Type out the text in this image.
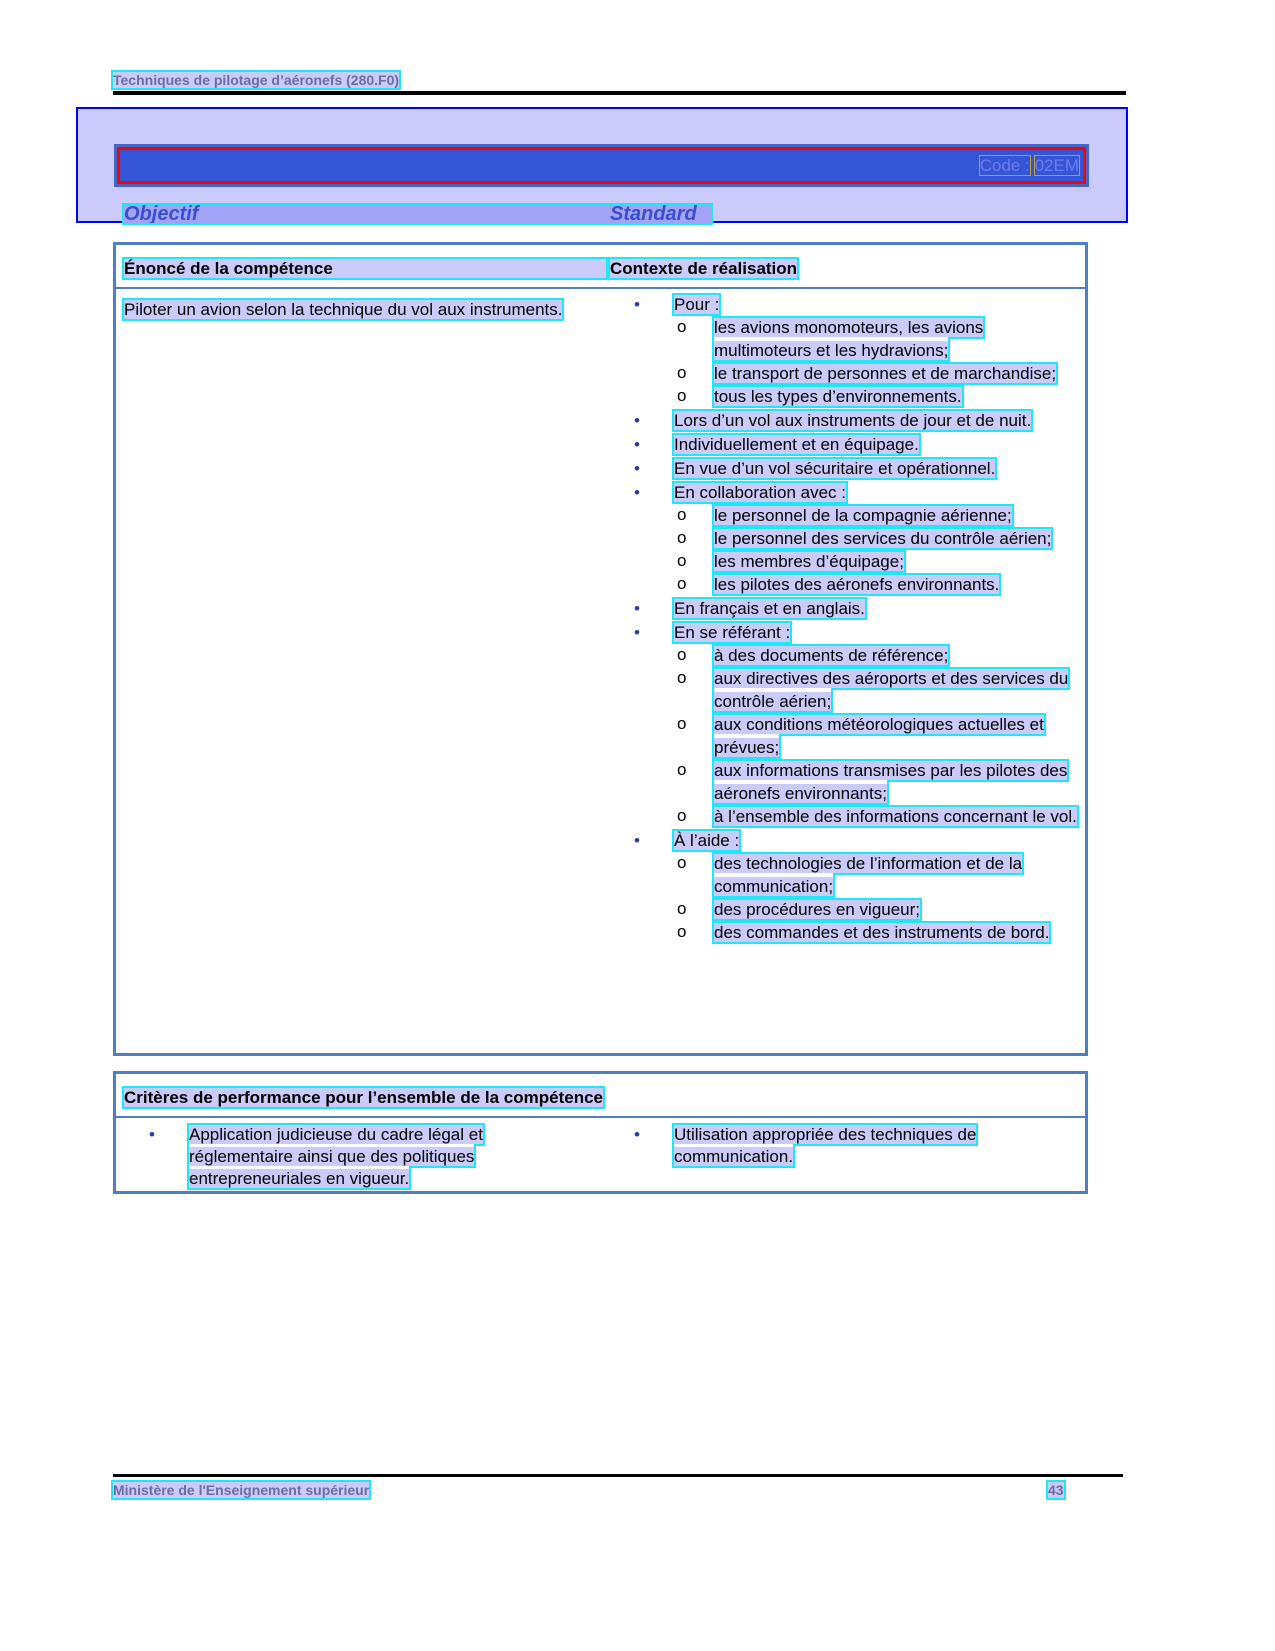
Techniques de pilotage d’aéronefs (280.F0)
Code : 02EM
Objectif	Standard
Énoncé de la compétence	Contexte de réalisation
Piloter un avion selon la technique du vol aux instruments.	• Pour :
o les avions monomoteurs, les avions multimoteurs et les hydravions;
o le transport de personnes et de marchandise;
o tous les types d’environnements.
• Lors d’un vol aux instruments de jour et de nuit.
• Individuellement et en équipage.
• En vue d’un vol sécuritaire et opérationnel.
• En collaboration avec :
o le personnel de la compagnie aérienne;
o le personnel des services du contrôle aérien;
o les membres d’équipage;
o les pilotes des aéronefs environnants.
• En français et en anglais.
• En se référant :
o à des documents de référence;
o aux directives des aéroports et des services du contrôle aérien;
o aux conditions météorologiques actuelles et prévues;
o aux informations transmises par les pilotes des aéronefs environnants;
o à l’ensemble des informations concernant le vol.
• À l’aide :
o des technologies de l’information et de la communication;
o des procédures en vigueur;
o des commandes et des instruments de bord.
Critères de performance pour l’ensemble de la compétence
•	Application judicieuse du cadre légal et réglementaire ainsi que des politiques entrepreneuriales en vigueur.
•	Utilisation appropriée des techniques de communication.
Ministère de l'Enseignement supérieur	43
